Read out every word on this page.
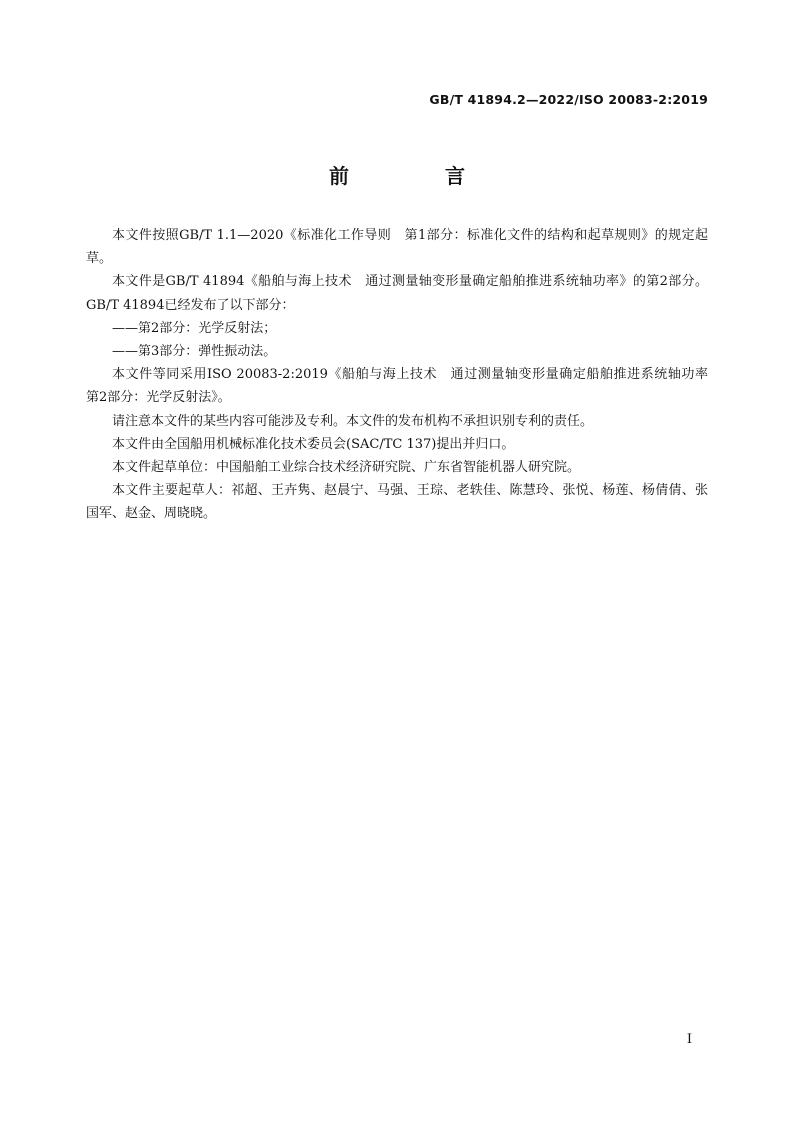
GB/T 41894.2—2022/ISO 20083-2:2019
前　言

本文件按照GB/T 1.1—2020《标准化工作导则　第1部分：标准化文件的结构和起草规则》的规定起草。

本文件是GB/T 41894《船舶与海上技术　通过测量轴变形量确定船舶推进系统轴功率》的第2部分。GB/T 41894已经发布了以下部分：

——第2部分：光学反射法；

——第3部分：弹性振动法。

本文件等同采用ISO 20083-2:2019《船舶与海上技术　通过测量轴变形量确定船舶推进系统轴功率　第2部分：光学反射法》。

请注意本文件的某些内容可能涉及专利。本文件的发布机构不承担识别专利的责任。

本文件由全国船用机械标准化技术委员会(SAC/TC 137)提出并归口。

本文件起草单位：中国船舶工业综合技术经济研究院、广东省智能机器人研究院。

本文件主要起草人：祁超、王卉隽、赵晨宁、马强、王琮、老轶佳、陈慧玲、张悦、杨莲、杨倩倩、张国军、赵金、周晓晓。

I
